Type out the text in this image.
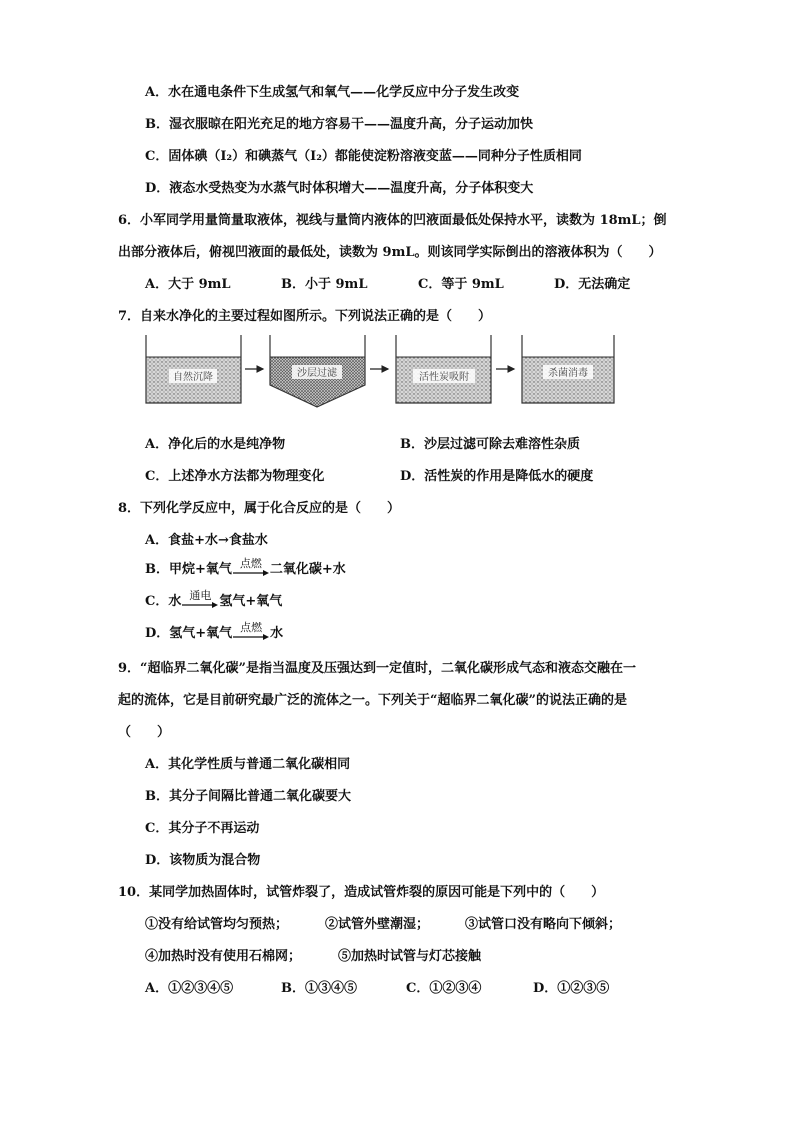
A．水在通电条件下生成氢气和氧气——化学反应中分子发生改变
B．湿衣服晾在阳光充足的地方容易干——温度升高，分子运动加快
C．固体碘（I₂）和碘蒸气（I₂）都能使淀粉溶液变蓝——同种分子性质相同
D．液态水受热变为水蒸气时体积增大——温度升高，分子体积变大
6．小军同学用量筒量取液体，视线与量筒内液体的凹液面最低处保持水平，读数为 18mL；倒
出部分液体后，俯视凹液面的最低处，读数为 9mL。则该同学实际倒出的溶液体积为（　　）
A．大于 9mL	B．小于 9mL	C．等于 9mL	D．无法确定
7．自来水净化的主要过程如图所示。下列说法正确的是（　　）
自然沉降	沙层过滤	活性炭吸附	杀菌消毒
A．净化后的水是纯净物	B．沙层过滤可除去难溶性杂质
C．上述净水方法都为物理变化	D．活性炭的作用是降低水的硬度
8．下列化学反应中，属于化合反应的是（　　）
A．食盐+水→食盐水
B．甲烷+氧气 点燃 二氧化碳+水
C．水 通电 氢气+氧气
D．氢气+氧气 点燃 水
9．“超临界二氧化碳”是指当温度及压强达到一定值时，二氧化碳形成气态和液态交融在一
起的流体，它是目前研究最广泛的流体之一。下列关于“超临界二氧化碳”的说法正确的是
（　　）
A．其化学性质与普通二氧化碳相同
B．其分子间隔比普通二氧化碳要大
C．其分子不再运动
D．该物质为混合物
10．某同学加热固体时，试管炸裂了，造成试管炸裂的原因可能是下列中的（　　）
①没有给试管均匀预热；	②试管外壁潮湿；	③试管口没有略向下倾斜；
④加热时没有使用石棉网；	⑤加热时试管与灯芯接触
A．①②③④⑤	B．①③④⑤	C．①②③④	D．①②③⑤
